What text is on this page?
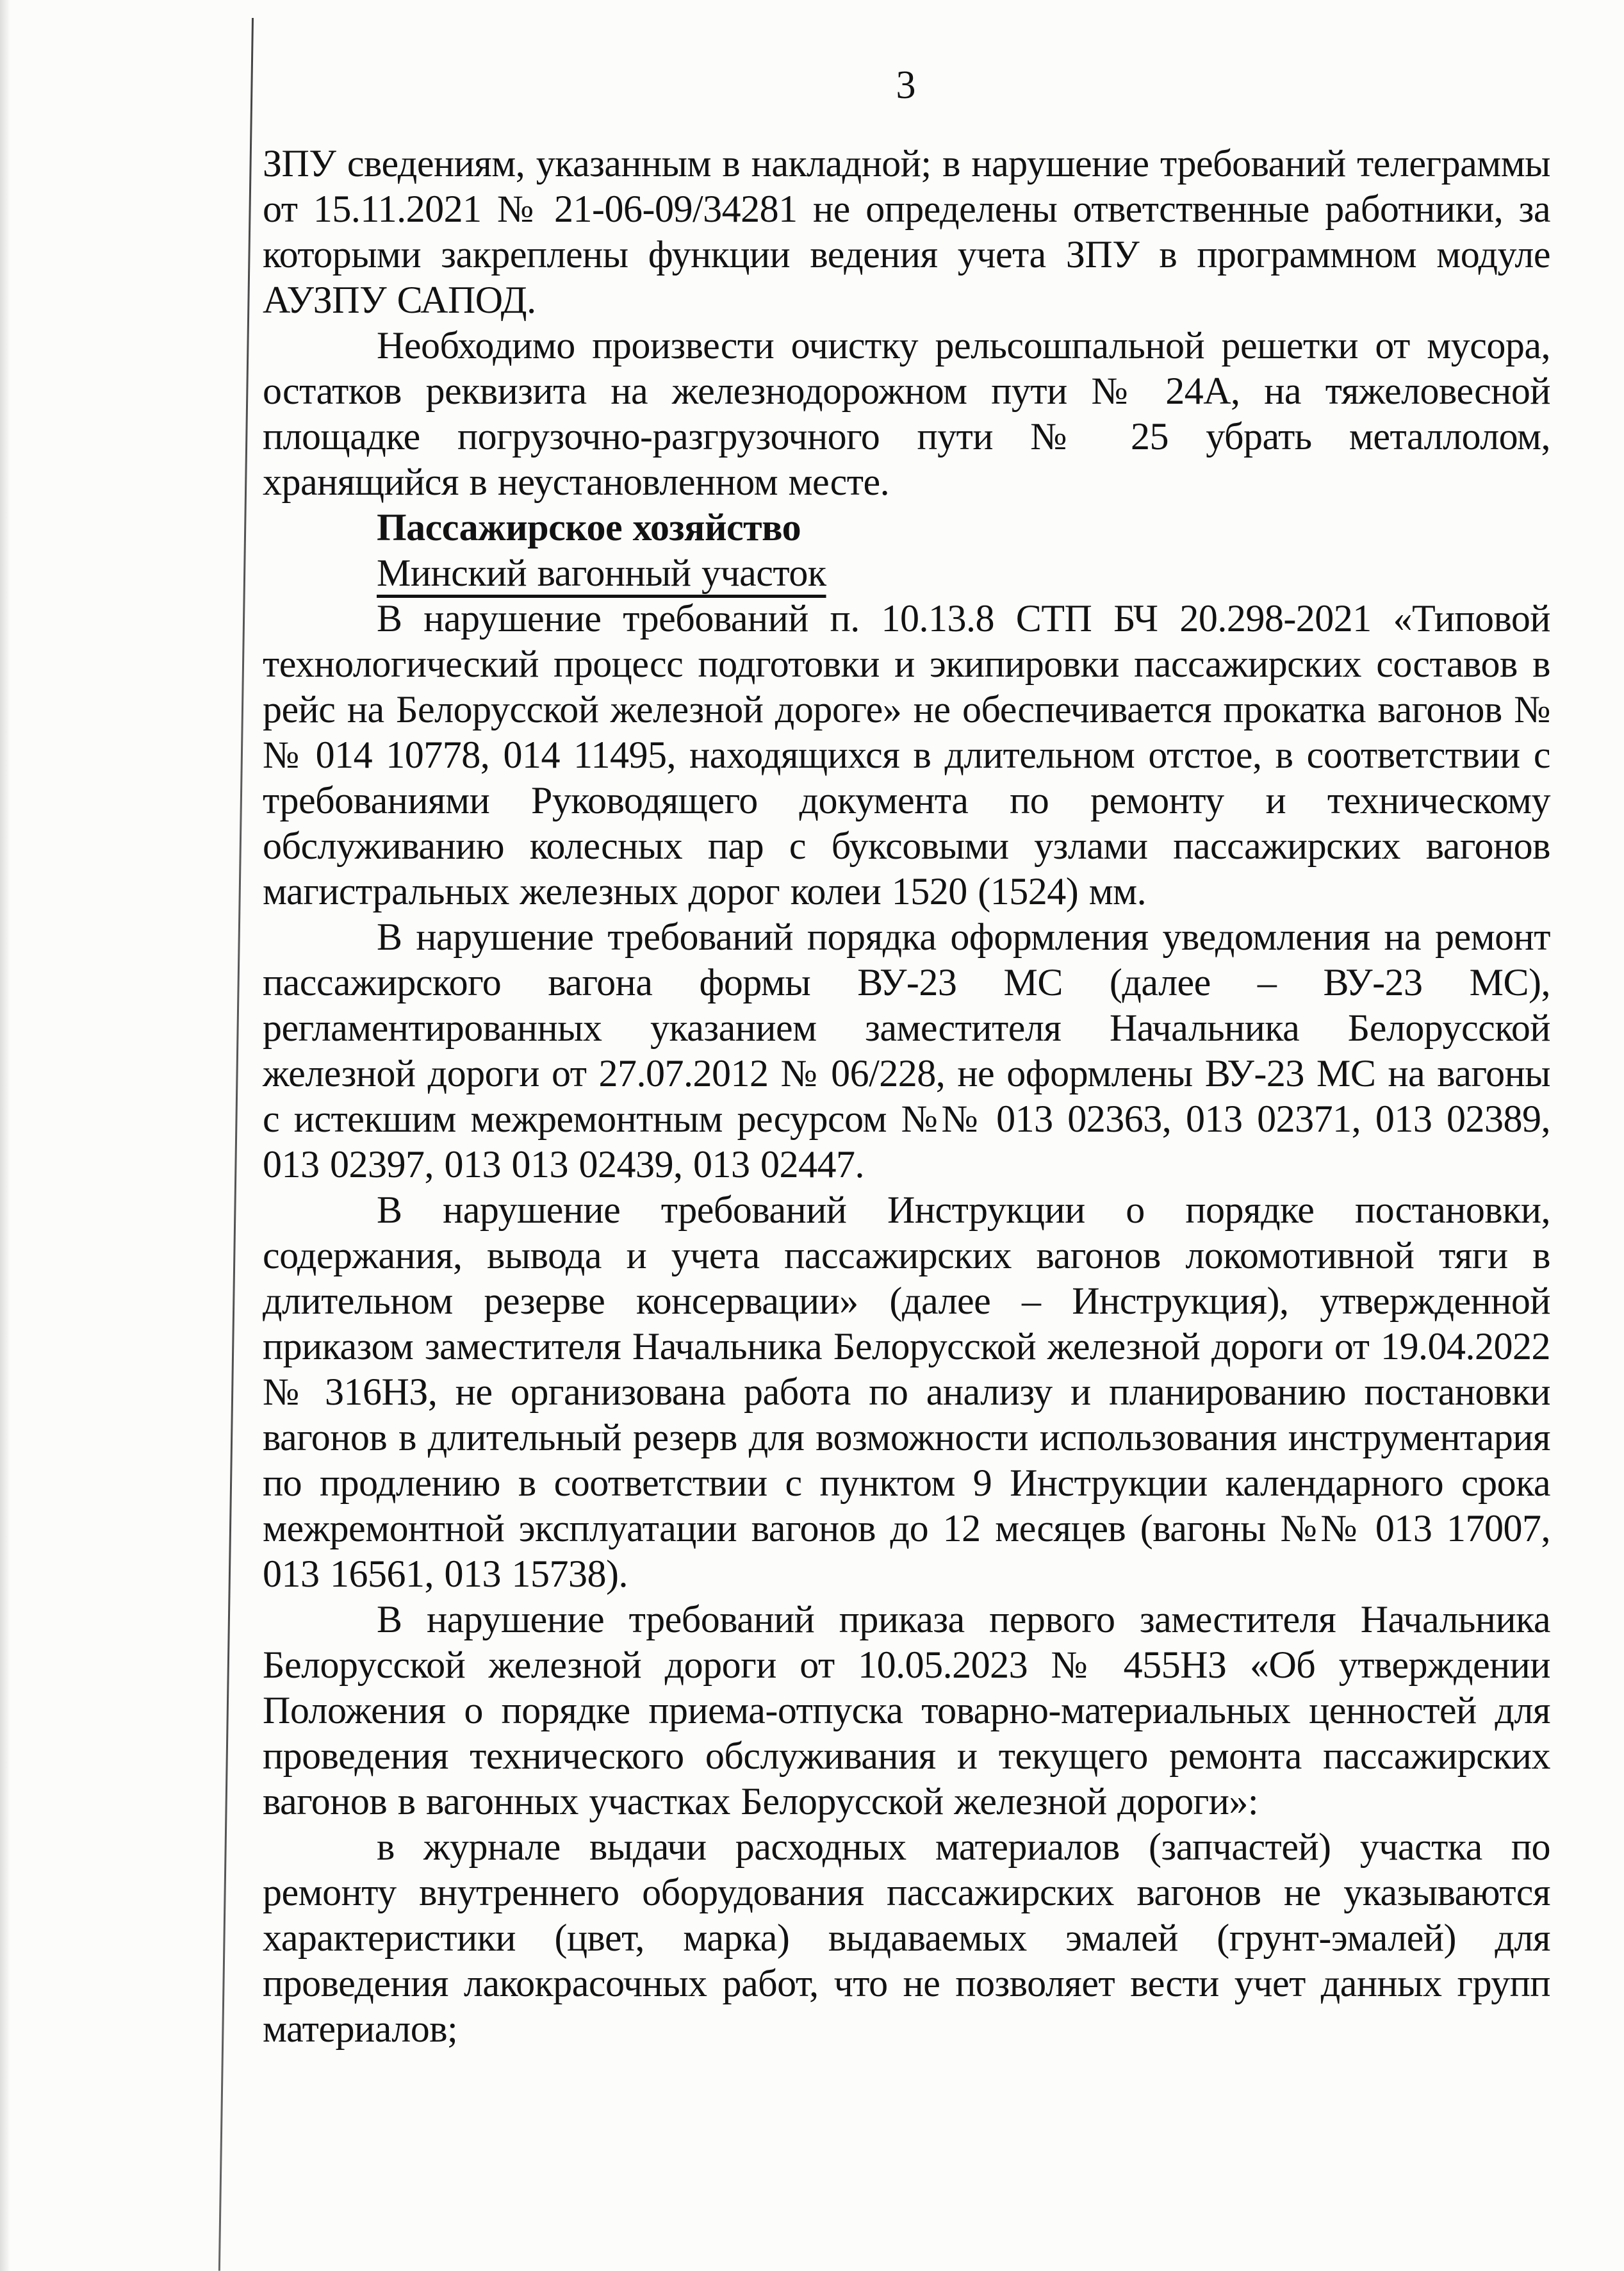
3

ЗПУ сведениям, указанным в накладной; в нарушение требований телеграммы от 15.11.2021 № 21-06-09/34281 не определены ответственные работники, за которыми закреплены функции ведения учета ЗПУ в программном модуле АУЗПУ САПОД.

Необходимо произвести очистку рельсошпальной решетки от мусора, остатков реквизита на железнодорожном пути № 24А, на тяжеловесной площадке погрузочно-разгрузочного пути № 25 убрать металлолом, хранящийся в неустановленном месте.

Пассажирское хозяйство

Минский вагонный участок

В нарушение требований п. 10.13.8 СТП БЧ 20.298-2021 «Типовой технологический процесс подготовки и экипировки пассажирских составов в рейс на Белорусской железной дороге» не обеспечивается прокатка вагонов №№ 014 10778, 014 11495, находящихся в длительном отстое, в соответствии с требованиями Руководящего документа по ремонту и техническому обслуживанию колесных пар с буксовыми узлами пассажирских вагонов магистральных железных дорог колеи 1520 (1524) мм.

В нарушение требований порядка оформления уведомления на ремонт пассажирского вагона формы ВУ-23 МС (далее – ВУ-23 МС), регламентированных указанием заместителя Начальника Белорусской железной дороги от 27.07.2012 № 06/228, не оформлены ВУ-23 МС на вагоны с истекшим межремонтным ресурсом №№ 013 02363, 013 02371, 013 02389, 013 02397, 013 013 02439, 013 02447.

В нарушение требований Инструкции о порядке постановки, содержания, вывода и учета пассажирских вагонов локомотивной тяги в длительном резерве консервации» (далее – Инструкция), утвержденной приказом заместителя Начальника Белорусской железной дороги от 19.04.2022 № 316НЗ, не организована работа по анализу и планированию постановки вагонов в длительный резерв для возможности использования инструментария по продлению в соответствии с пунктом 9 Инструкции календарного срока межремонтной эксплуатации вагонов до 12 месяцев (вагоны №№ 013 17007, 013 16561, 013 15738).

В нарушение требований приказа первого заместителя Начальника Белорусской железной дороги от 10.05.2023 № 455НЗ «Об утверждении Положения о порядке приема-отпуска товарно-материальных ценностей для проведения технического обслуживания и текущего ремонта пассажирских вагонов в вагонных участках Белорусской железной дороги»:

в журнале выдачи расходных материалов (запчастей) участка по ремонту внутреннего оборудования пассажирских вагонов не указываются характеристики (цвет, марка) выдаваемых эмалей (грунт-эмалей) для проведения лакокрасочных работ, что не позволяет вести учет данных групп материалов;
